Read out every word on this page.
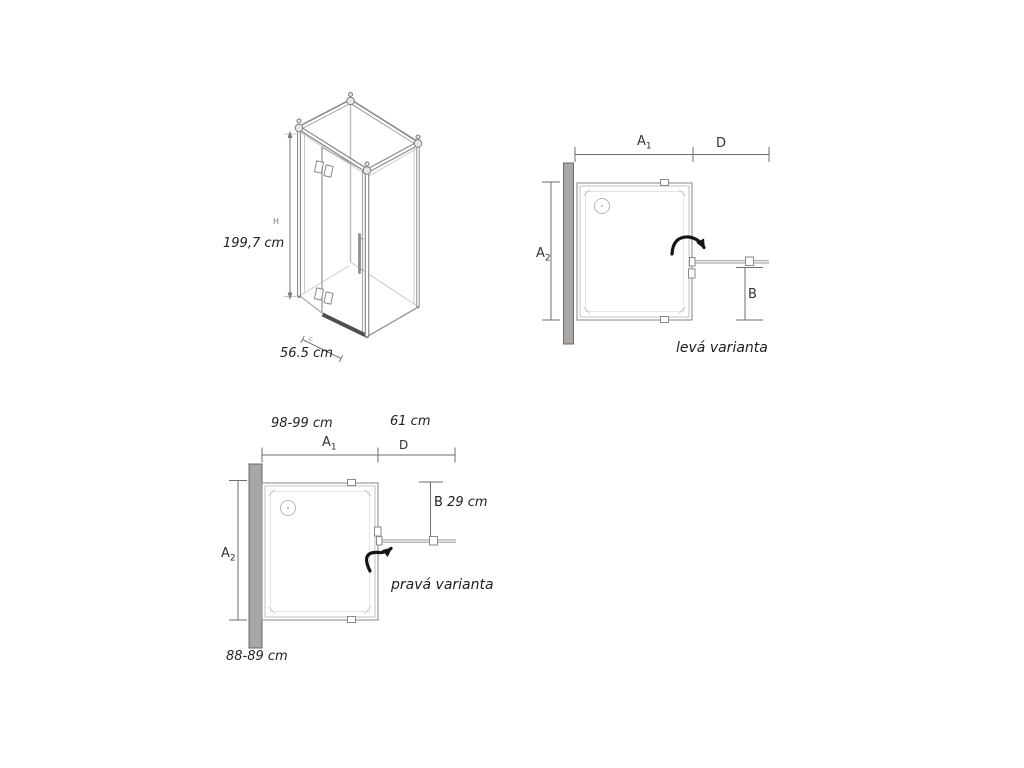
H
199,7 cm
c
56.5 cm
$A_1$	D
$A_2$
B
levá varianta
98-99 cm	61 cm
$A_1$	D
$A_2$
B 29 cm
pravá varianta
88-89 cm
